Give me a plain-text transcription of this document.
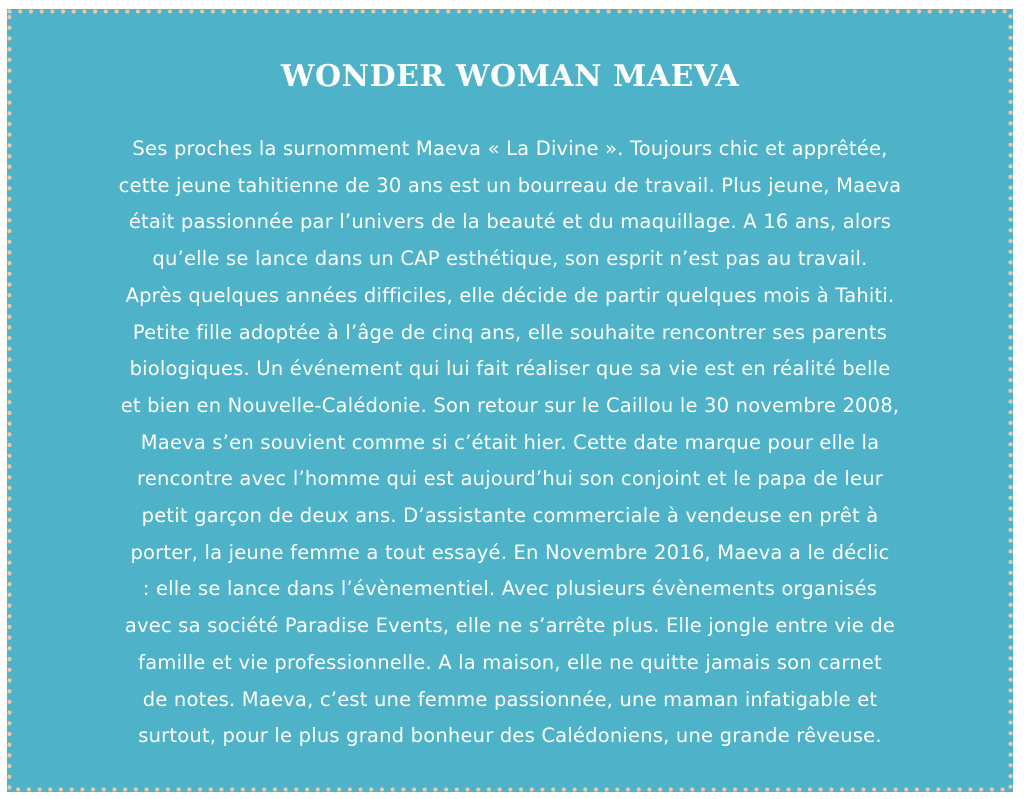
WONDER WOMAN MAEVA

Ses proches la surnomment Maeva « La Divine ». Toujours chic et apprêtée,
cette jeune tahitienne de 30 ans est un bourreau de travail. Plus jeune, Maeva
était passionnée par l’univers de la beauté et du maquillage. A 16 ans, alors
qu’elle se lance dans un CAP esthétique, son esprit n’est pas au travail.
Après quelques années difficiles, elle décide de partir quelques mois à Tahiti.
Petite fille adoptée à l’âge de cinq ans, elle souhaite rencontrer ses parents
biologiques. Un événement qui lui fait réaliser que sa vie est en réalité belle
et bien en Nouvelle-Calédonie. Son retour sur le Caillou le 30 novembre 2008,
Maeva s’en souvient comme si c’était hier. Cette date marque pour elle la
rencontre avec l’homme qui est aujourd’hui son conjoint et le papa de leur
petit garçon de deux ans. D’assistante commerciale à vendeuse en prêt à
porter, la jeune femme a tout essayé. En Novembre 2016, Maeva a le déclic
: elle se lance dans l’évènementiel. Avec plusieurs évènements organisés
avec sa société Paradise Events, elle ne s’arrête plus. Elle jongle entre vie de
famille et vie professionnelle. A la maison, elle ne quitte jamais son carnet
de notes. Maeva, c’est une femme passionnée, une maman infatigable et
surtout, pour le plus grand bonheur des Calédoniens, une grande rêveuse.
